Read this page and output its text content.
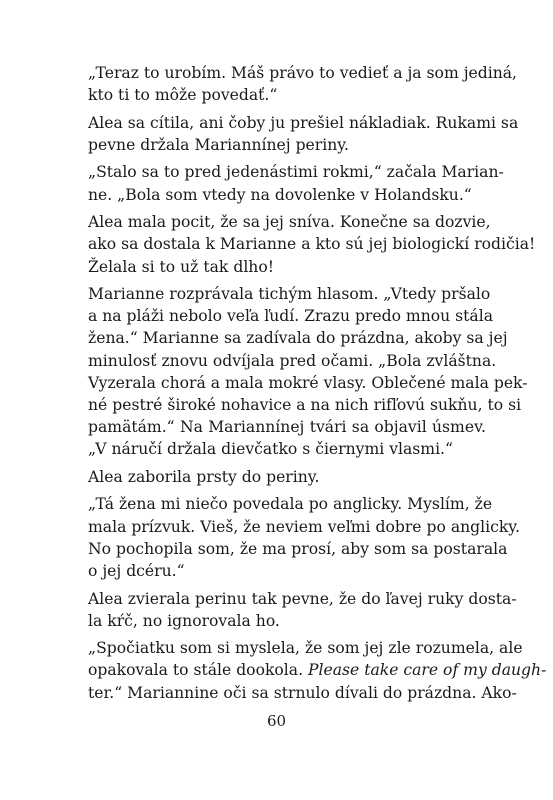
„Teraz to urobím. Máš právo to vedieť a ja som jediná,
kto ti to môže povedať.“

Alea sa cítila, ani čoby ju prešiel nákladiak. Rukami sa
pevne držala Mariannínej periny.

„Stalo sa to pred jedenástimi rokmi,“ začala Marian-
ne. „Bola som vtedy na dovolenke v Holandsku.“

Alea mala pocit, že sa jej sníva. Konečne sa dozvie,
ako sa dostala k Marianne a kto sú jej biologickí rodičia!
Želala si to už tak dlho!

Marianne rozprávala tichým hlasom. „Vtedy pršalo
a na pláži nebolo veľa ľudí. Zrazu predo mnou stála
žena.“ Marianne sa zadívala do prázdna, akoby sa jej
minulosť znovu odvíjala pred očami. „Bola zvláštna.
Vyzerala chorá a mala mokré vlasy. Oblečené mala pek-
né pestré široké nohavice a na nich rifľovú sukňu, to si
pamätám.“ Na Mariannínej tvári sa objavil úsmev.
„V náručí držala dievčatko s čiernymi vlasmi.“

Alea zaborila prsty do periny.

„Tá žena mi niečo povedala po anglicky. Myslím, že
mala prízvuk. Vieš, že neviem veľmi dobre po anglicky.
No pochopila som, že ma prosí, aby som sa postarala
o jej dcéru.“

Alea zvierala perinu tak pevne, že do ľavej ruky dosta-
la kŕč, no ignorovala ho.

„Spočiatku som si myslela, že som jej zle rozumela, ale
opakovala to stále dookola. Please take care of my daugh-
ter.“ Mariannine oči sa strnulo dívali do prázdna. Ako-

60
